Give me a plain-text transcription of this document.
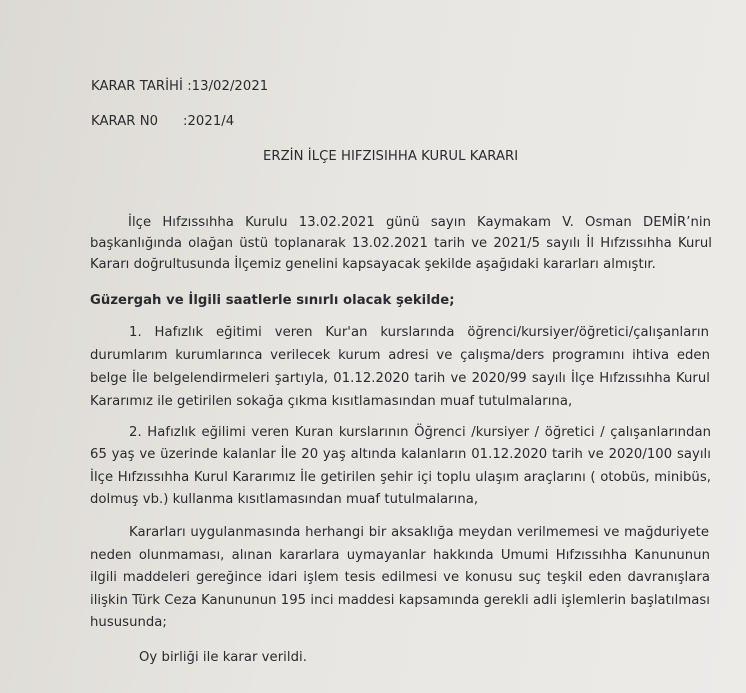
KARAR TARİHİ :13/02/2021
KARAR N0 :2021/4
ERZİN İLÇE HIFZISIHHA KURUL KARARI
İlçe Hıfzıssıhha Kurulu 13.02.2021 günü sayın Kaymakam V. Osman DEMİR’nin
başkanlığında olağan üstü toplanarak 13.02.2021 tarih ve 2021/5 sayılı İl Hıfzıssıhha Kurul
Kararı doğrultusunda İlçemiz genelini kapsayacak şekilde aşağıdaki kararları almıştır.
Güzergah ve İlgili saatlerle sınırlı olacak şekilde;
1. Hafızlık eğitimi veren Kur'an kurslarında öğrenci/kursiyer/öğretici/çalışanların
durumlarım kurumlarınca verilecek kurum adresi ve çalışma/ders programını ihtiva eden
belge İle belgelendirmeleri şartıyla, 01.12.2020 tarih ve 2020/99 sayılı İlçe Hıfzıssıhha Kurul
Kararımız ile getirilen sokağa çıkma kısıtlamasından muaf tutulmalarına,
2. Hafızlık eğilimi veren Kuran kurslarının Öğrenci /kursiyer / öğretici / çalışanlarından
65 yaş ve üzerinde kalanlar İle 20 yaş altında kalanların 01.12.2020 tarih ve 2020/100 sayılı
İlçe Hıfzıssıhha Kurul Kararımız İle getirilen şehir içi toplu ulaşım araçlarını ( otobüs, minibüs,
dolmuş vb.) kullanma kısıtlamasından muaf tutulmalarına,
Kararları uygulanmasında herhangi bir aksaklığa meydan verilmemesi ve mağduriyete
neden olunmaması, alınan kararlara uymayanlar hakkında Umumi Hıfzıssıhha Kanununun
ilgili maddeleri gereğince idari işlem tesis edilmesi ve konusu suç teşkil eden davranışlara
ilişkin Türk Ceza Kanununun 195 inci maddesi kapsamında gerekli adli işlemlerin başlatılması
hususunda;
Oy birliği ile karar verildi.
